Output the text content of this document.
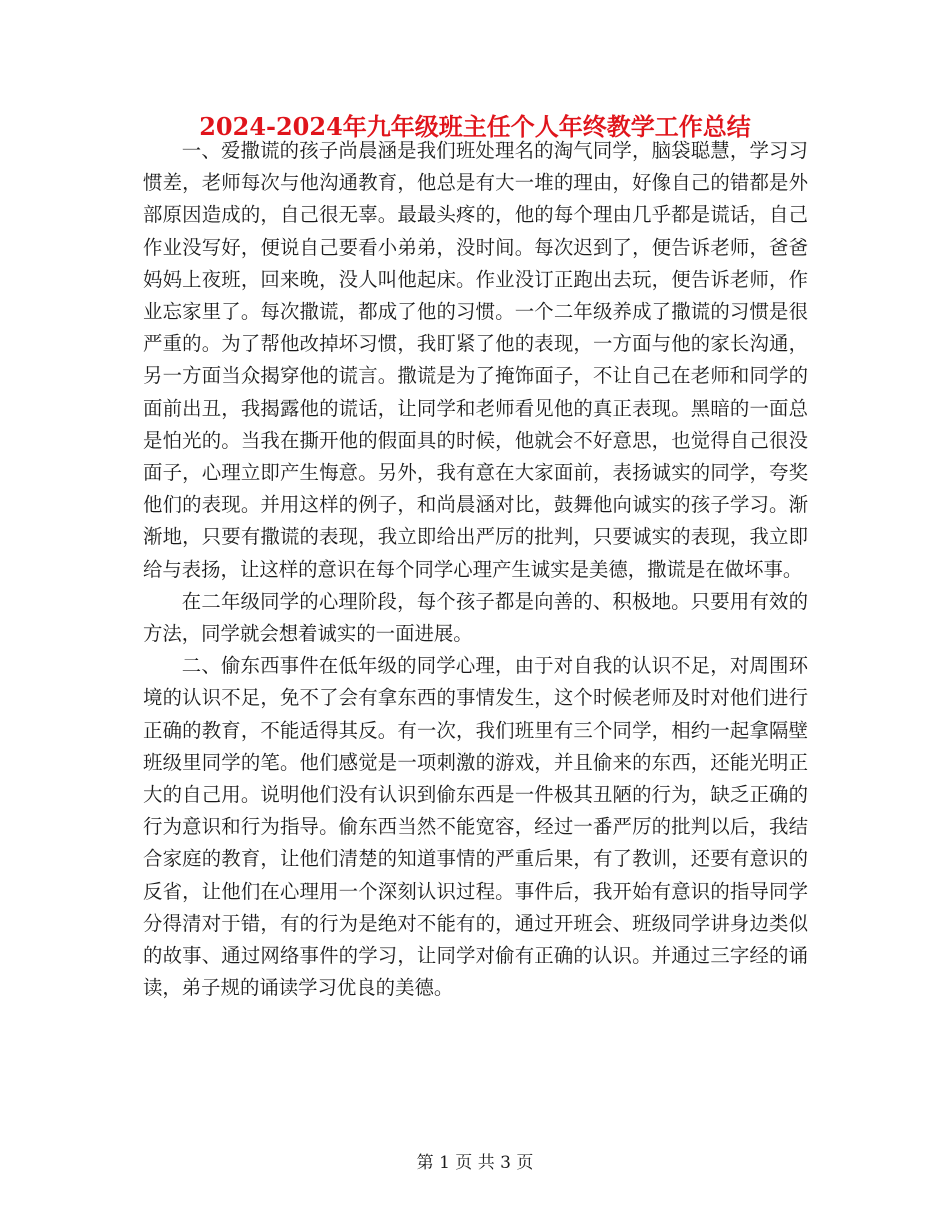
2024-2024年九年级班主任个人年终教学工作总结

一、爱撒谎的孩子尚晨涵是我们班处理名的淘气同学，脑袋聪慧，学习习惯差，老师每次与他沟通教育，他总是有大一堆的理由，好像自己的错都是外部原因造成的，自己很无辜。最最头疼的，他的每个理由几乎都是谎话，自己作业没写好，便说自己要看小弟弟，没时间。每次迟到了，便告诉老师，爸爸妈妈上夜班，回来晚，没人叫他起床。作业没订正跑出去玩，便告诉老师，作业忘家里了。每次撒谎，都成了他的习惯。一个二年级养成了撒谎的习惯是很严重的。为了帮他改掉坏习惯，我盯紧了他的表现，一方面与他的家长沟通，另一方面当众揭穿他的谎言。撒谎是为了掩饰面子，不让自己在老师和同学的面前出丑，我揭露他的谎话，让同学和老师看见他的真正表现。黑暗的一面总是怕光的。当我在撕开他的假面具的时候，他就会不好意思，也觉得自己很没面子，心理立即产生悔意。另外，我有意在大家面前，表扬诚实的同学，夸奖他们的表现。并用这样的例子，和尚晨涵对比，鼓舞他向诚实的孩子学习。渐渐地，只要有撒谎的表现，我立即给出严厉的批判，只要诚实的表现，我立即给与表扬，让这样的意识在每个同学心理产生诚实是美德，撒谎是在做坏事。

在二年级同学的心理阶段，每个孩子都是向善的、积极地。只要用有效的方法，同学就会想着诚实的一面进展。

二、偷东西事件在低年级的同学心理，由于对自我的认识不足，对周围环境的认识不足，免不了会有拿东西的事情发生，这个时候老师及时对他们进行正确的教育，不能适得其反。有一次，我们班里有三个同学，相约一起拿隔壁班级里同学的笔。他们感觉是一项刺激的游戏，并且偷来的东西，还能光明正大的自己用。说明他们没有认识到偷东西是一件极其丑陋的行为，缺乏正确的行为意识和行为指导。偷东西当然不能宽容，经过一番严厉的批判以后，我结合家庭的教育，让他们清楚的知道事情的严重后果，有了教训，还要有意识的反省，让他们在心理用一个深刻认识过程。事件后，我开始有意识的指导同学分得清对于错，有的行为是绝对不能有的，通过开班会、班级同学讲身边类似的故事、通过网络事件的学习，让同学对偷有正确的认识。并通过三字经的诵读，弟子规的诵读学习优良的美德。

第 1 页 共 3 页
